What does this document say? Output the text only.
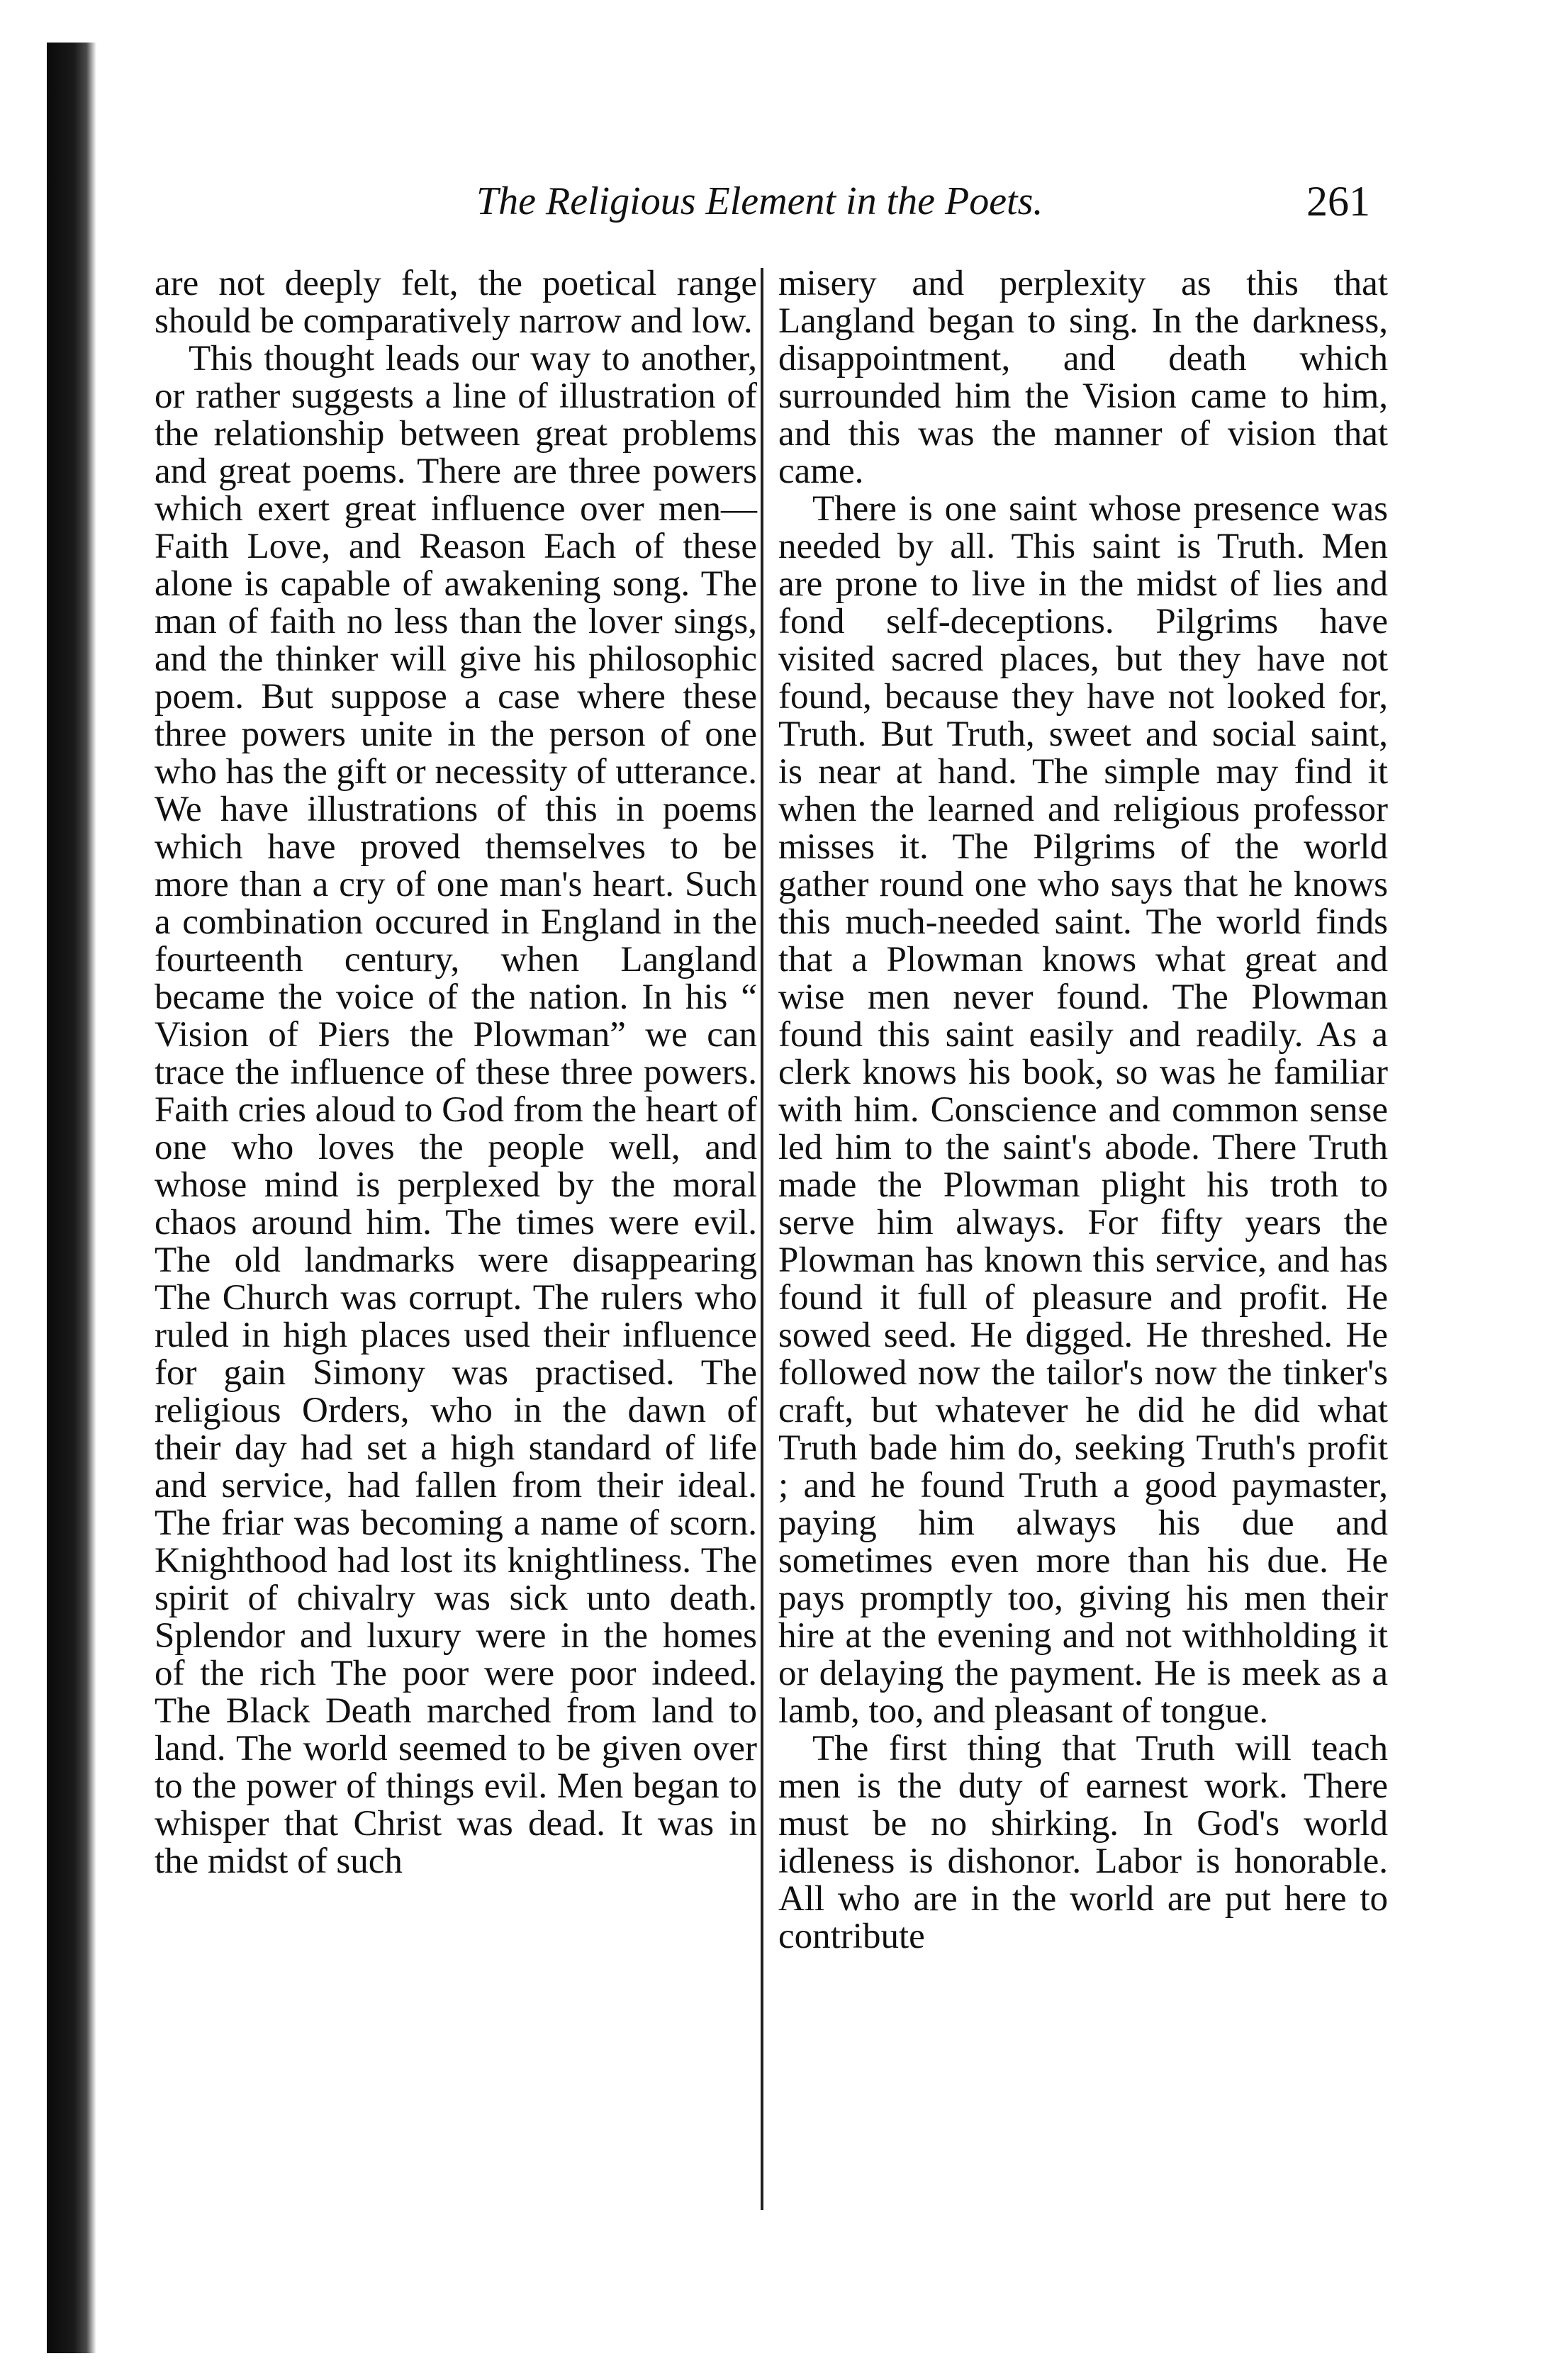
The Religious Element in the Poets.	261

are not deeply felt, the poetical range should be comparatively narrow and low.

This thought leads our way to another, or rather suggests a line of illustration of the relationship between great problems and great poems. There are three powers which exert great influence over men—Faith Love, and Reason Each of these alone is capable of awakening song. The man of faith no less than the lover sings, and the thinker will give his philosophic poem. But suppose a case where these three powers unite in the person of one who has the gift or necessity of utterance. We have illustrations of this in poems which have proved themselves to be more than a cry of one man's heart. Such a combination occured in England in the fourteenth century, when Langland became the voice of the nation. In his “ Vision of Piers the Plowman” we can trace the influence of these three powers. Faith cries aloud to God from the heart of one who loves the people well, and whose mind is perplexed by the moral chaos around him. The times were evil. The old landmarks were disappearing The Church was corrupt. The rulers who ruled in high places used their influence for gain Simony was practised. The religious Orders, who in the dawn of their day had set a high standard of life and service, had fallen from their ideal. The friar was becoming a name of scorn. Knighthood had lost its knightliness. The spirit of chivalry was sick unto death. Splendor and luxury were in the homes of the rich The poor were poor indeed. The Black Death marched from land to land. The world seemed to be given over to the power of things evil. Men began to whisper that Christ was dead. It was in the midst of such

misery and perplexity as this that Langland began to sing. In the darkness, disappointment, and death which surrounded him the Vision came to him, and this was the manner of vision that came.

There is one saint whose presence was needed by all. This saint is Truth. Men are prone to live in the midst of lies and fond self-deceptions. Pilgrims have visited sacred places, but they have not found, because they have not looked for, Truth. But Truth, sweet and social saint, is near at hand. The simple may find it when the learned and religious professor misses it. The Pilgrims of the world gather round one who says that he knows this much-needed saint. The world finds that a Plowman knows what great and wise men never found. The Plowman found this saint easily and readily. As a clerk knows his book, so was he familiar with him. Conscience and common sense led him to the saint's abode. There Truth made the Plowman plight his troth to serve him always. For fifty years the Plowman has known this service, and has found it full of pleasure and profit. He sowed seed. He digged. He threshed. He followed now the tailor's now the tinker's craft, but whatever he did he did what Truth bade him do, seeking Truth's profit ; and he found Truth a good paymaster, paying him always his due and sometimes even more than his due. He pays promptly too, giving his men their hire at the evening and not withholding it or delaying the payment. He is meek as a lamb, too, and pleasant of tongue.

The first thing that Truth will teach men is the duty of earnest work. There must be no shirking. In God's world idleness is dishonor. Labor is honorable. All who are in the world are put here to contribute
